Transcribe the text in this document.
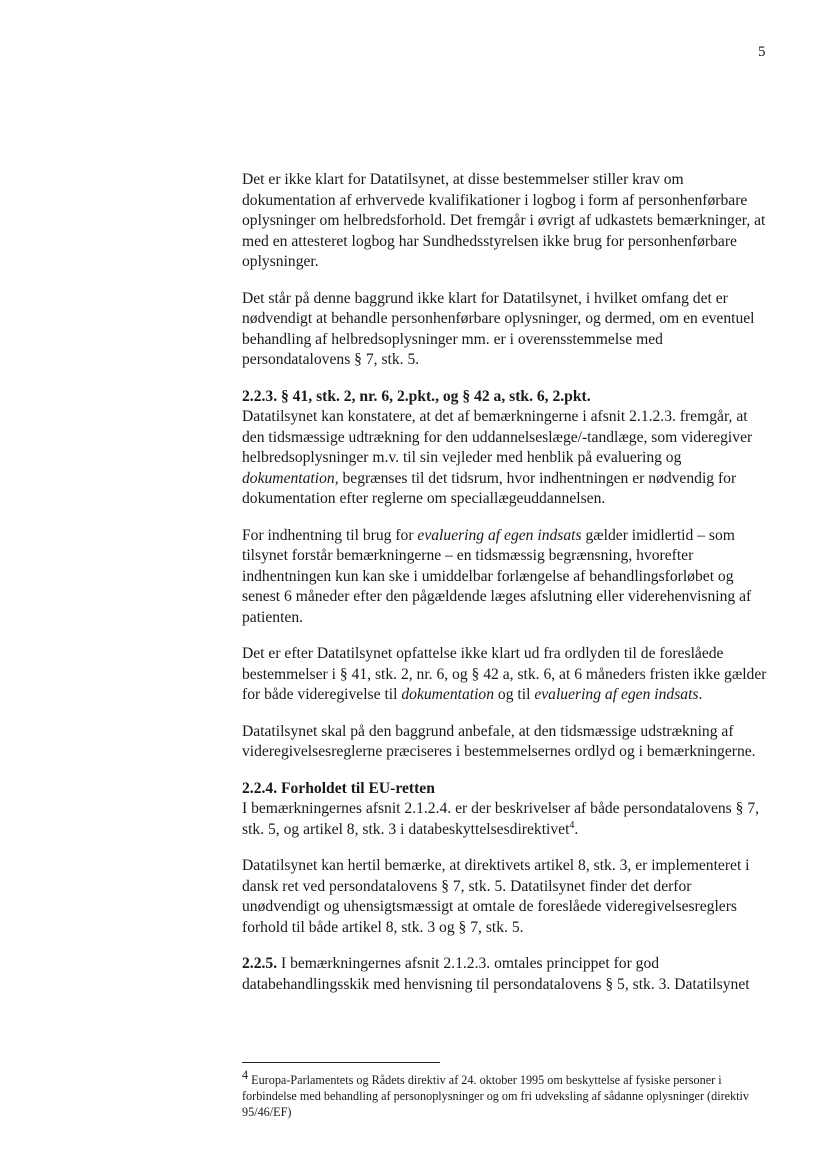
5

Det er ikke klart for Datatilsynet, at disse bestemmelser stiller krav om dokumentation af erhvervede kvalifikationer i logbog i form af personhenførbare oplysninger om helbredsforhold. Det fremgår i øvrigt af udkastets bemærkninger, at med en attesteret logbog har Sundhedsstyrelsen ikke brug for personhenførbare oplysninger.

Det står på denne baggrund ikke klart for Datatilsynet, i hvilket omfang det er nødvendigt at behandle personhenførbare oplysninger, og dermed, om en eventuel behandling af helbredsoplysninger mm. er i overensstemmelse med persondatalovens § 7, stk. 5.

2.2.3. § 41, stk. 2, nr. 6, 2.pkt., og § 42 a, stk. 6, 2.pkt.
Datatilsynet kan konstatere, at det af bemærkningerne i afsnit 2.1.2.3. fremgår, at den tidsmæssige udtrækning for den uddannelseslæge/-tandlæge, som videregiver helbredsoplysninger m.v. til sin vejleder med henblik på evaluering og dokumentation, begrænses til det tidsrum, hvor indhentningen er nødvendig for dokumentation efter reglerne om speciallægeuddannelsen.

For indhentning til brug for evaluering af egen indsats gælder imidlertid – som tilsynet forstår bemærkningerne – en tidsmæssig begrænsning, hvorefter indhentningen kun kan ske i umiddelbar forlængelse af behandlingsforløbet og senest 6 måneder efter den pågældende læges afslutning eller viderehenvisning af patienten.

Det er efter Datatilsynet opfattelse ikke klart ud fra ordlyden til de foreslåede bestemmelser i § 41, stk. 2, nr. 6, og § 42 a, stk. 6, at 6 måneders fristen ikke gælder for både videregivelse til dokumentation og til evaluering af egen indsats.

Datatilsynet skal på den baggrund anbefale, at den tidsmæssige udstrækning af videregivelsesreglerne præciseres i bestemmelsernes ordlyd og i bemærkningerne.

2.2.4. Forholdet til EU-retten
I bemærkningernes afsnit 2.1.2.4. er der beskrivelser af både persondatalovens § 7, stk. 5, og artikel 8, stk. 3 i databeskyttelsesdirektivet$^4$.

Datatilsynet kan hertil bemærke, at direktivets artikel 8, stk. 3, er implementeret i dansk ret ved persondatalovens § 7, stk. 5. Datatilsynet finder det derfor unødvendigt og uhensigtsmæssigt at omtale de foreslåede videregivelsesreglers forhold til både artikel 8, stk. 3 og § 7, stk. 5.

2.2.5. I bemærkningernes afsnit 2.1.2.3. omtales princippet for god databehandlingsskik med henvisning til persondatalovens § 5, stk. 3. Datatilsynet

$^4$ Europa-Parlamentets og Rådets direktiv af 24. oktober 1995 om beskyttelse af fysiske personer i forbindelse med behandling af personoplysninger og om fri udveksling af sådanne oplysninger (direktiv 95/46/EF)
